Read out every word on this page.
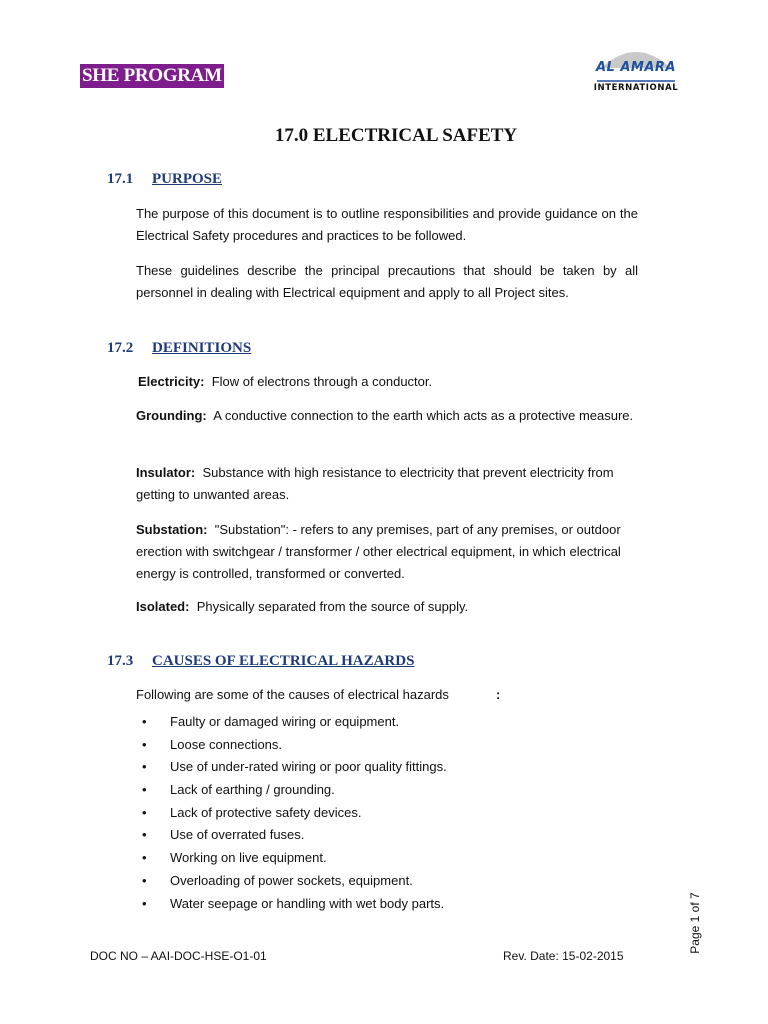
SHE PROGRAM	AL AMARA
INTERNATIONAL
17.0 ELECTRICAL SAFETY
17.1 PURPOSE
The purpose of this document is to outline responsibilities and provide guidance on the Electrical Safety procedures and practices to be followed.
These guidelines describe the principal precautions that should be taken by all personnel in dealing with Electrical equipment and apply to all Project sites.
17.2 DEFINITIONS
Electricity: Flow of electrons through a conductor.
Grounding: A conductive connection to the earth which acts as a protective measure.
Insulator: Substance with high resistance to electricity that prevent electricity from getting to unwanted areas.
Substation: "Substation": - refers to any premises, part of any premises, or outdoor erection with switchgear / transformer / other electrical equipment, in which electrical energy is controlled, transformed or converted.
Isolated: Physically separated from the source of supply.
17.3 CAUSES OF ELECTRICAL HAZARDS
Following are some of the causes of electrical hazards	:
• Faulty or damaged wiring or equipment.
• Loose connections.
• Use of under-rated wiring or poor quality fittings.
• Lack of earthing / grounding.
• Lack of protective safety devices.
• Use of overrated fuses.
• Working on live equipment.
• Overloading of power sockets, equipment.
• Water seepage or handling with wet body parts.	Page 1 of 7
DOC NO – AAI-DOC-HSE-O1-01	Rev. Date: 15-02-2015
